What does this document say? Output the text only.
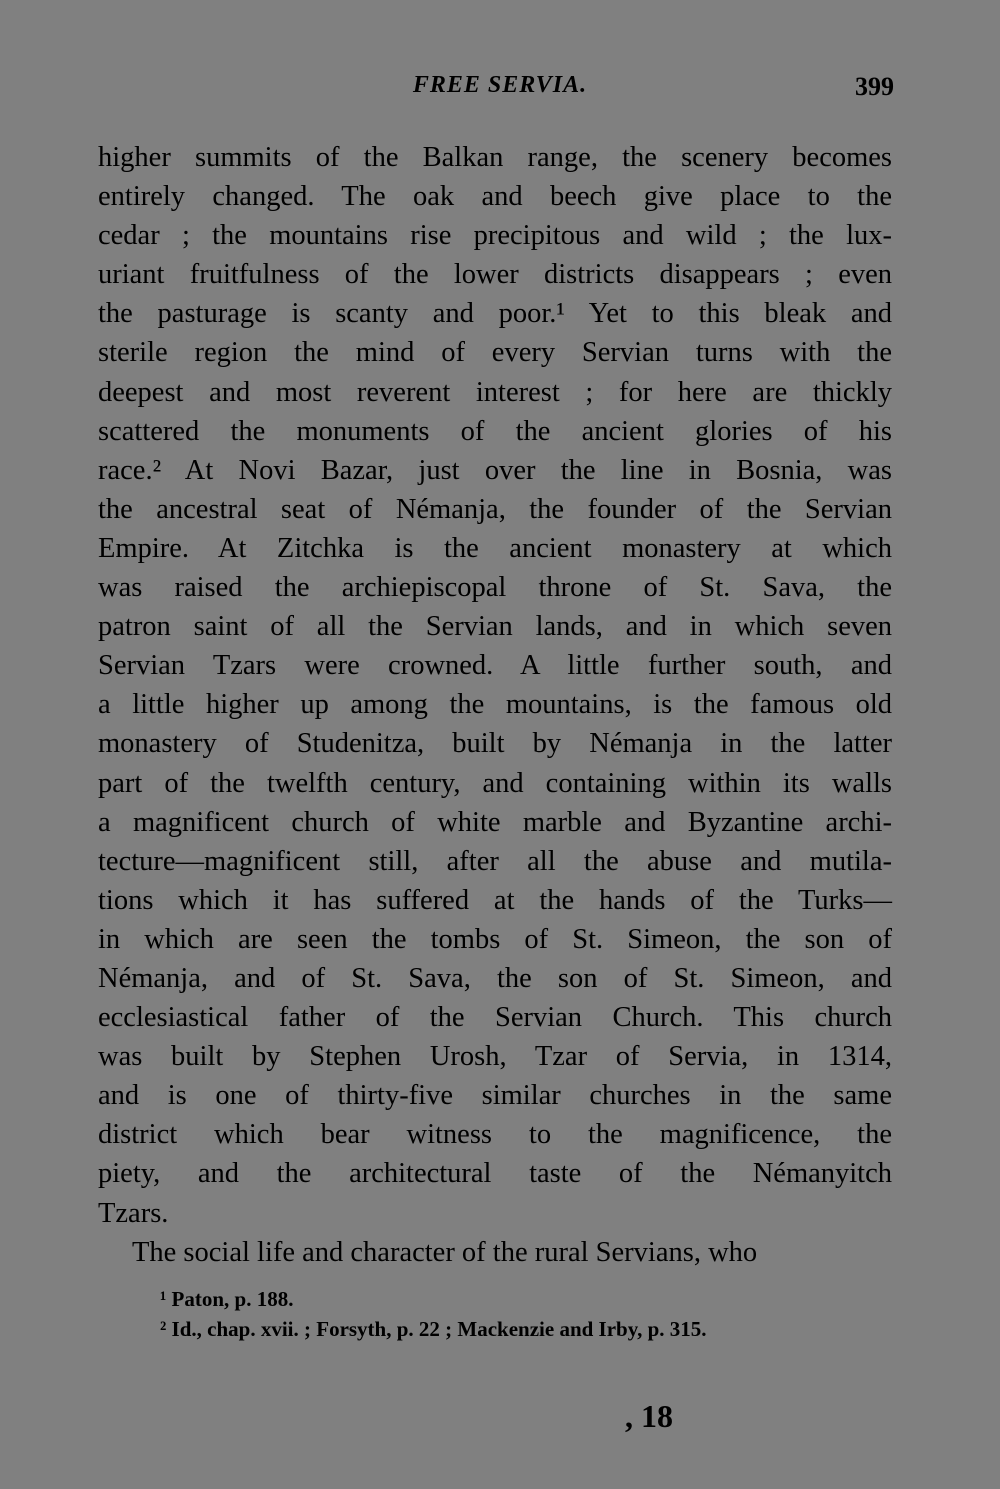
FREE SERVIA.	399
higher summits of the Balkan range, the scenery becomes
entirely changed. The oak and beech give place to the
cedar ; the mountains rise precipitous and wild ; the lux-
uriant fruitfulness of the lower districts disappears ; even
the pasturage is scanty and poor.¹ Yet to this bleak and
sterile region the mind of every Servian turns with the
deepest and most reverent interest ; for here are thickly
scattered the monuments of the ancient glories of his
race.² At Novi Bazar, just over the line in Bosnia, was
the ancestral seat of Némanja, the founder of the Servian
Empire. At Zitchka is the ancient monastery at which
was raised the archiepiscopal throne of St. Sava, the
patron saint of all the Servian lands, and in which seven
Servian Tzars were crowned. A little further south, and
a little higher up among the mountains, is the famous old
monastery of Studenitza, built by Némanja in the latter
part of the twelfth century, and containing within its walls
a magnificent church of white marble and Byzantine archi-
tecture—magnificent still, after all the abuse and mutila-
tions which it has suffered at the hands of the Turks—
in which are seen the tombs of St. Simeon, the son of
Némanja, and of St. Sava, the son of St. Simeon, and
ecclesiastical father of the Servian Church. This church
was built by Stephen Urosh, Tzar of Servia, in 1314,
and is one of thirty-five similar churches in the same
district which bear witness to the magnificence, the
piety, and the architectural taste of the Némanyitch
Tzars.
The social life and character of the rural Servians, who
¹ Paton, p. 188.
² Id., chap. xvii. ; Forsyth, p. 22 ; Mackenzie and Irby, p. 315.
, 18
